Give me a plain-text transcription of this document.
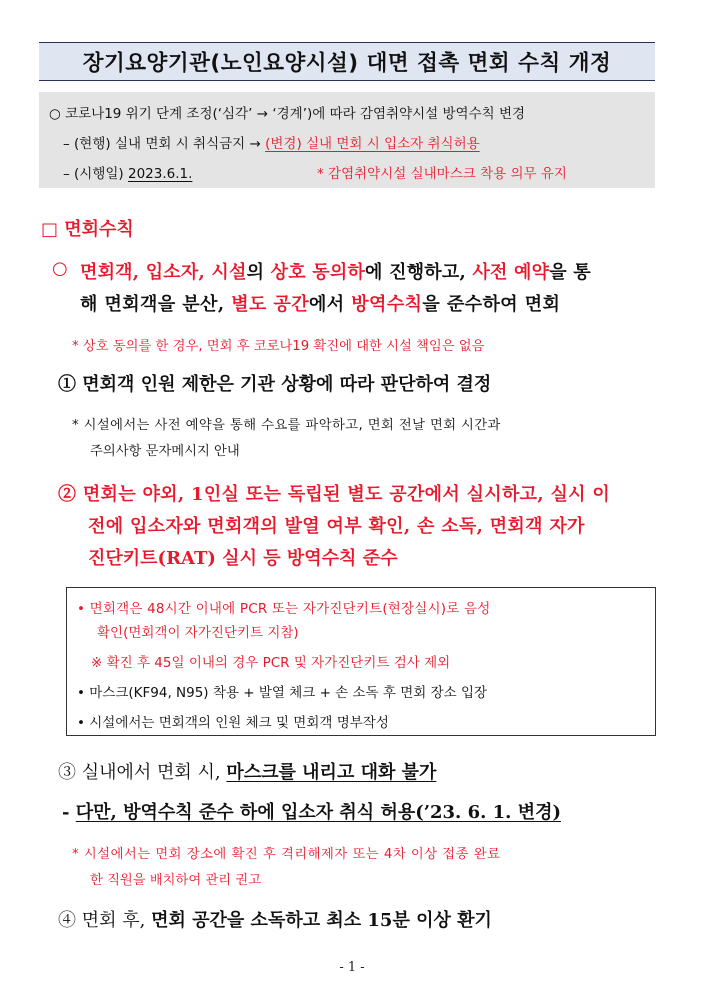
장기요양기관(노인요양시설) 대면 접촉 면회 수칙 개정
○ 코로나19 위기 단계 조정(‘심각’ → ‘경계’)에 따라 감염취약시설 방역수칙 변경
– (현행) 실내 면회 시 취식금지 → (변경) 실내 면회 시 입소자 취식허용
– (시행일) 2023.6.1.	* 감염취약시설 실내마스크 착용 의무 유지
□ 면회수칙
○ 면회객, 입소자, 시설의 상호 동의하에 진행하고, 사전 예약을 통
해 면회객을 분산, 별도 공간에서 방역수칙을 준수하여 면회
* 상호 동의를 한 경우, 면회 후 코로나19 확진에 대한 시설 책임은 없음
① 면회객 인원 제한은 기관 상황에 따라 판단하여 결정
* 시설에서는 사전 예약을 통해 수요를 파악하고, 면회 전날 면회 시간과
주의사항 문자메시지 안내
② 면회는 야외, 1인실 또는 독립된 별도 공간에서 실시하고, 실시 이
전에 입소자와 면회객의 발열 여부 확인, 손 소독, 면회객 자가
진단키트(RAT) 실시 등 방역수칙 준수
• 면회객은 48시간 이내에 PCR 또는 자가진단키트(현장실시)로 음성
확인(면회객이 자가진단키트 지참)
※ 확진 후 45일 이내의 경우 PCR 및 자가진단키트 검사 제외
• 마스크(KF94, N95) 착용 + 발열 체크 + 손 소독 후 면회 장소 입장
• 시설에서는 면회객의 인원 체크 및 면회객 명부작성
③ 실내에서 면회 시, 마스크를 내리고 대화 불가
- 다만, 방역수칙 준수 하에 입소자 취식 허용(’23. 6. 1. 변경)
* 시설에서는 면회 장소에 확진 후 격리해제자 또는 4차 이상 접종 완료
한 직원을 배치하여 관리 권고
④ 면회 후, 면회 공간을 소독하고 최소 15분 이상 환기
- 1 -
